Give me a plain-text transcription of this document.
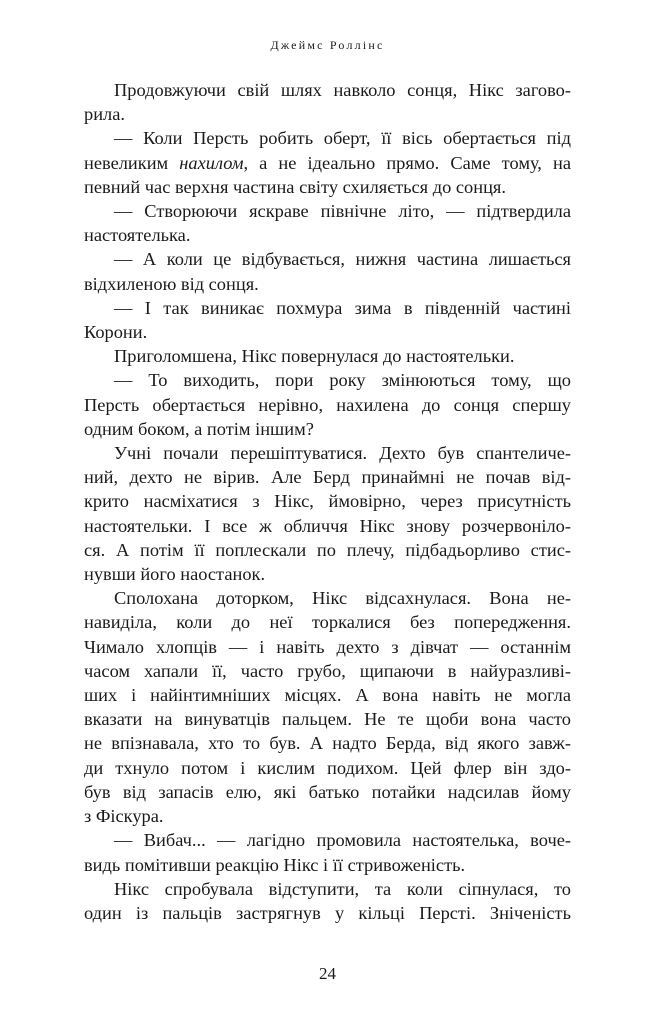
Джеймс Роллінс
Продовжуючи свій шлях навколо сонця, Нікс загово-
рила.
— Коли Персть робить оберт, її вісь обертається під
невеликим нахилом, а не ідеально прямо. Саме тому, на
певний час верхня частина світу схиляється до сонця.
— Створюючи яскраве північне літо, — підтвердила
настоятелька.
— А коли це відбувається, нижня частина лишається
відхиленою від сонця.
— І так виникає похмура зима в південній частині
Корони.
Приголомшена, Нікс повернулася до настоятельки.
— То виходить, пори року змінюються тому, що
Персть обертається нерівно, нахилена до сонця спершу
одним боком, а потім іншим?
Учні почали перешіптуватися. Дехто був спантеличе-
ний, дехто не вірив. Але Берд принаймні не почав від-
крито насміхатися з Нікс, ймовірно, через присутність
настоятельки. І все ж обличчя Нікс знову розчервоніло-
ся. А потім її поплескали по плечу, підбадьорливо стис-
нувши його наостанок.
Сполохана доторком, Нікс відсахнулася. Вона не-
навиділа, коли до неї торкалися без попередження.
Чимало хлопців — і навіть дехто з дівчат — останнім
часом хапали її, часто грубо, щипаючи в найуразливі-
ших і найінтимніших місцях. А вона навіть не могла
вказати на винуватців пальцем. Не те щоби вона часто
не впізнавала, хто то був. А надто Берда, від якого завж-
ди тхнуло потом і кислим подихом. Цей флер він здо-
був від запасів елю, які батько потайки надсилав йому
з Фіскура.
— Вибач... — лагідно промовила настоятелька, воче-
видь помітивши реакцію Нікс і її стривоженість.
Нікс спробувала відступити, та коли сіпнулася, то
один із пальців застрягнув у кільці Персті. Зніченість
24
